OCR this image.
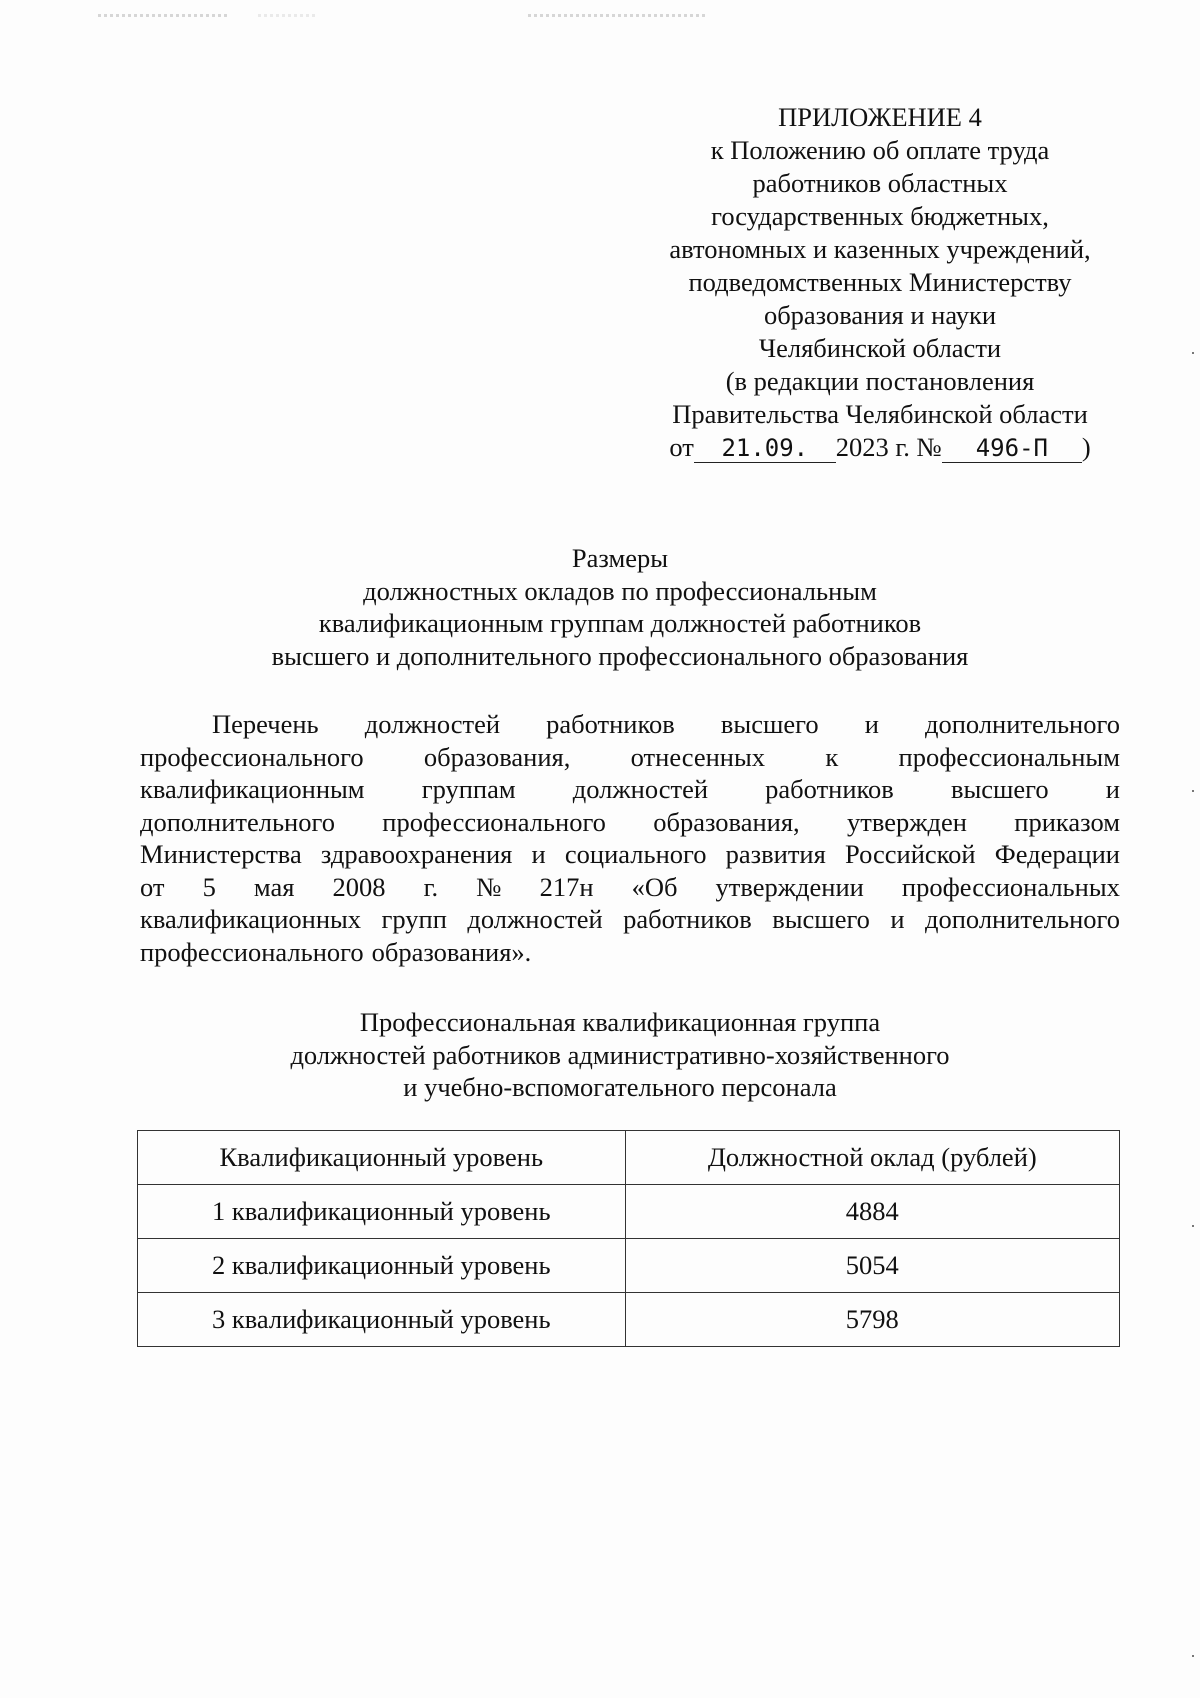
ПРИЛОЖЕНИЕ 4
к Положению об оплате труда
работников областных
государственных бюджетных,
автономных и казенных учреждений,
подведомственных Министерству
образования и науки
Челябинской области
(в редакции постановления
Правительства Челябинской области
от 21.09. 2023 г. № 496-П )
Размеры
должностных окладов по профессиональным
квалификационным группам должностей работников
высшего и дополнительного профессионального образования
Перечень должностей работников высшего и дополнительного
профессионального образования, отнесенных к профессиональным
квалификационным группам должностей работников высшего и
дополнительного профессионального образования, утвержден приказом
Министерства здравоохранения и социального развития Российской Федерации
от 5 мая 2008 г. № 217н «Об утверждении профессиональных
квалификационных групп должностей работников высшего и дополнительного
профессионального образования».
Профессиональная квалификационная группа
должностей работников административно-хозяйственного
и учебно-вспомогательного персонала
Квалификационный уровень	Должностной оклад (рублей)
1 квалификационный уровень	4884
2 квалификационный уровень	5054
3 квалификационный уровень	5798
